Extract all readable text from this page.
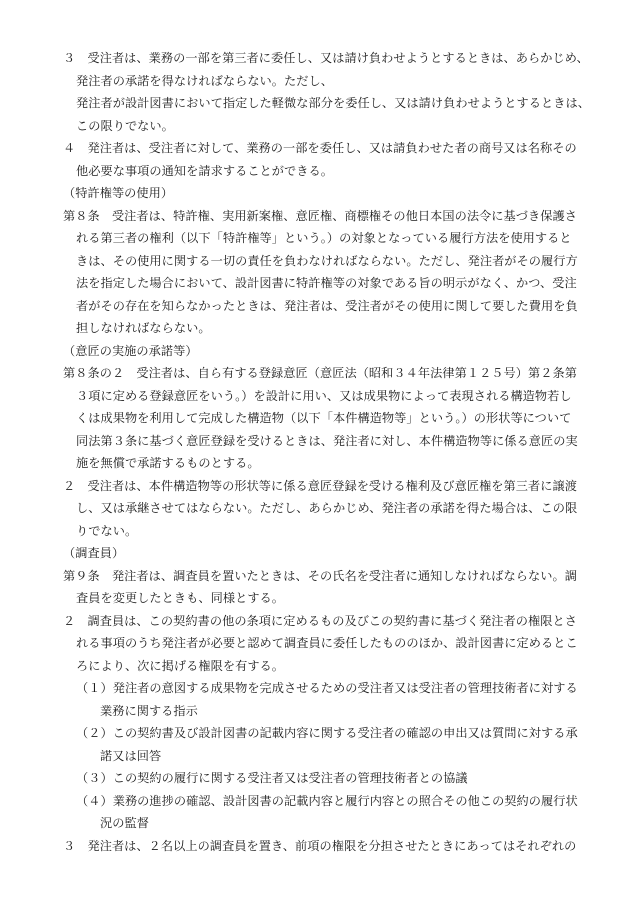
３　受注者は、業務の一部を第三者に委任し、又は請け負わせようとするときは、あらかじめ、
発注者の承諾を得なければならない。ただし、
発注者が設計図書において指定した軽微な部分を委任し、又は請け負わせようとするときは、
この限りでない。
４　発注者は、受注者に対して、業務の一部を委任し、又は請負わせた者の商号又は名称その
他必要な事項の通知を請求することができる。
（特許権等の使用）
第８条　受注者は、特許権、実用新案権、意匠権、商標権その他日本国の法令に基づき保護さ
れる第三者の権利（以下「特許権等」という。）の対象となっている履行方法を使用すると
きは、その使用に関する一切の責任を負わなければならない。ただし、発注者がその履行方
法を指定した場合において、設計図書に特許権等の対象である旨の明示がなく、かつ、受注
者がその存在を知らなかったときは、発注者は、受注者がその使用に関して要した費用を負
担しなければならない。
（意匠の実施の承諾等）
第８条の２　受注者は、自ら有する登録意匠（意匠法（昭和３４年法律第１２５号）第２条第
３項に定める登録意匠をいう。）を設計に用い、又は成果物によって表現される構造物若し
くは成果物を利用して完成した構造物（以下「本件構造物等」という。）の形状等について
同法第３条に基づく意匠登録を受けるときは、発注者に対し、本件構造物等に係る意匠の実
施を無償で承諾するものとする。
２　受注者は、本件構造物等の形状等に係る意匠登録を受ける権利及び意匠権を第三者に譲渡
し、又は承継させてはならない。ただし、あらかじめ、発注者の承諾を得た場合は、この限
りでない。
（調査員）
第９条　発注者は、調査員を置いたときは、その氏名を受注者に通知しなければならない。調
査員を変更したときも、同様とする。
２　調査員は、この契約書の他の条項に定めるもの及びこの契約書に基づく発注者の権限とさ
れる事項のうち発注者が必要と認めて調査員に委任したもののほか、設計図書に定めるとこ
ろにより、次に掲げる権限を有する。
（１）発注者の意図する成果物を完成させるための受注者又は受注者の管理技術者に対する
業務に関する指示
（２）この契約書及び設計図書の記載内容に関する受注者の確認の申出又は質問に対する承
諾又は回答
（３）この契約の履行に関する受注者又は受注者の管理技術者との協議
（４）業務の進捗の確認、設計図書の記載内容と履行内容との照合その他この契約の履行状
況の監督
３　発注者は、２名以上の調査員を置き、前項の権限を分担させたときにあってはそれぞれの
